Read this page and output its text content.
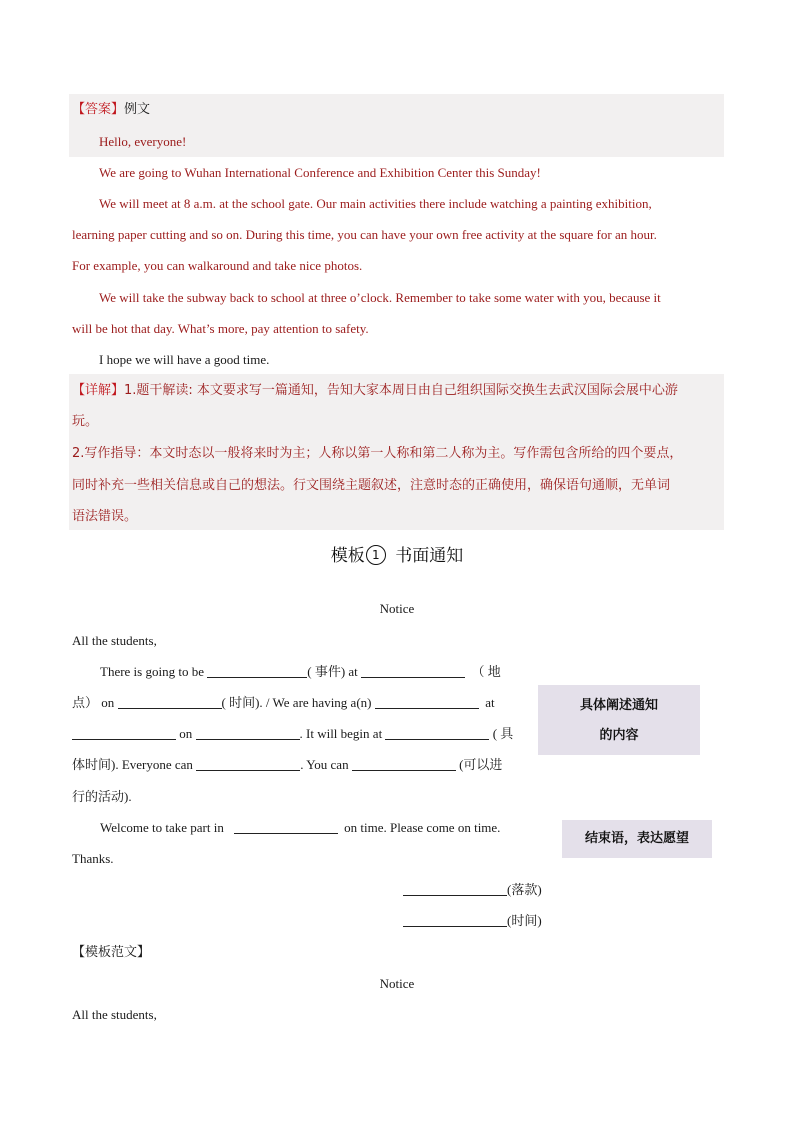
【答案】例文
Hello, everyone!
We are going to Wuhan International Conference and Exhibition Center this Sunday!
We will meet at 8 a.m. at the school gate. Our main activities there include watching a painting exhibition,
learning paper cutting and so on. During this time, you can have your own free activity at the square for an hour.
For example, you can walkaround and take nice photos.
We will take the subway back to school at three o’clock. Remember to take some water with you, because it
will be hot that day. What’s more, pay attention to safety.
I hope we will have a good time.
【详解】1.题干解读: 本文要求写一篇通知，告知大家本周日由自己组织国际交换生去武汉国际会展中心游
玩。
2.写作指导：本文时态以一般将来时为主；人称以第一人称和第二人称为主。写作需包含所给的四个要点，
同时补充一些相关信息或自己的想法。行文围绕主题叙述，注意时态的正确使用，确保语句通顺，无单词
语法错误。
模板 1 书面通知
Notice
All the students,
There is going to be	( 事件) at	（ 地
点） on	( 时间). / We are having a(n)	at
on	. It will begin at	( 具
体时间). Everyone can	. You can	(可以进
行的活动).
Welcome to take part in	on time. Please come on time.
Thanks.
(落款)
(时间)
具体阐述通知
的内容
结束语，表达愿望
【模板范文】
Notice
All the students,
